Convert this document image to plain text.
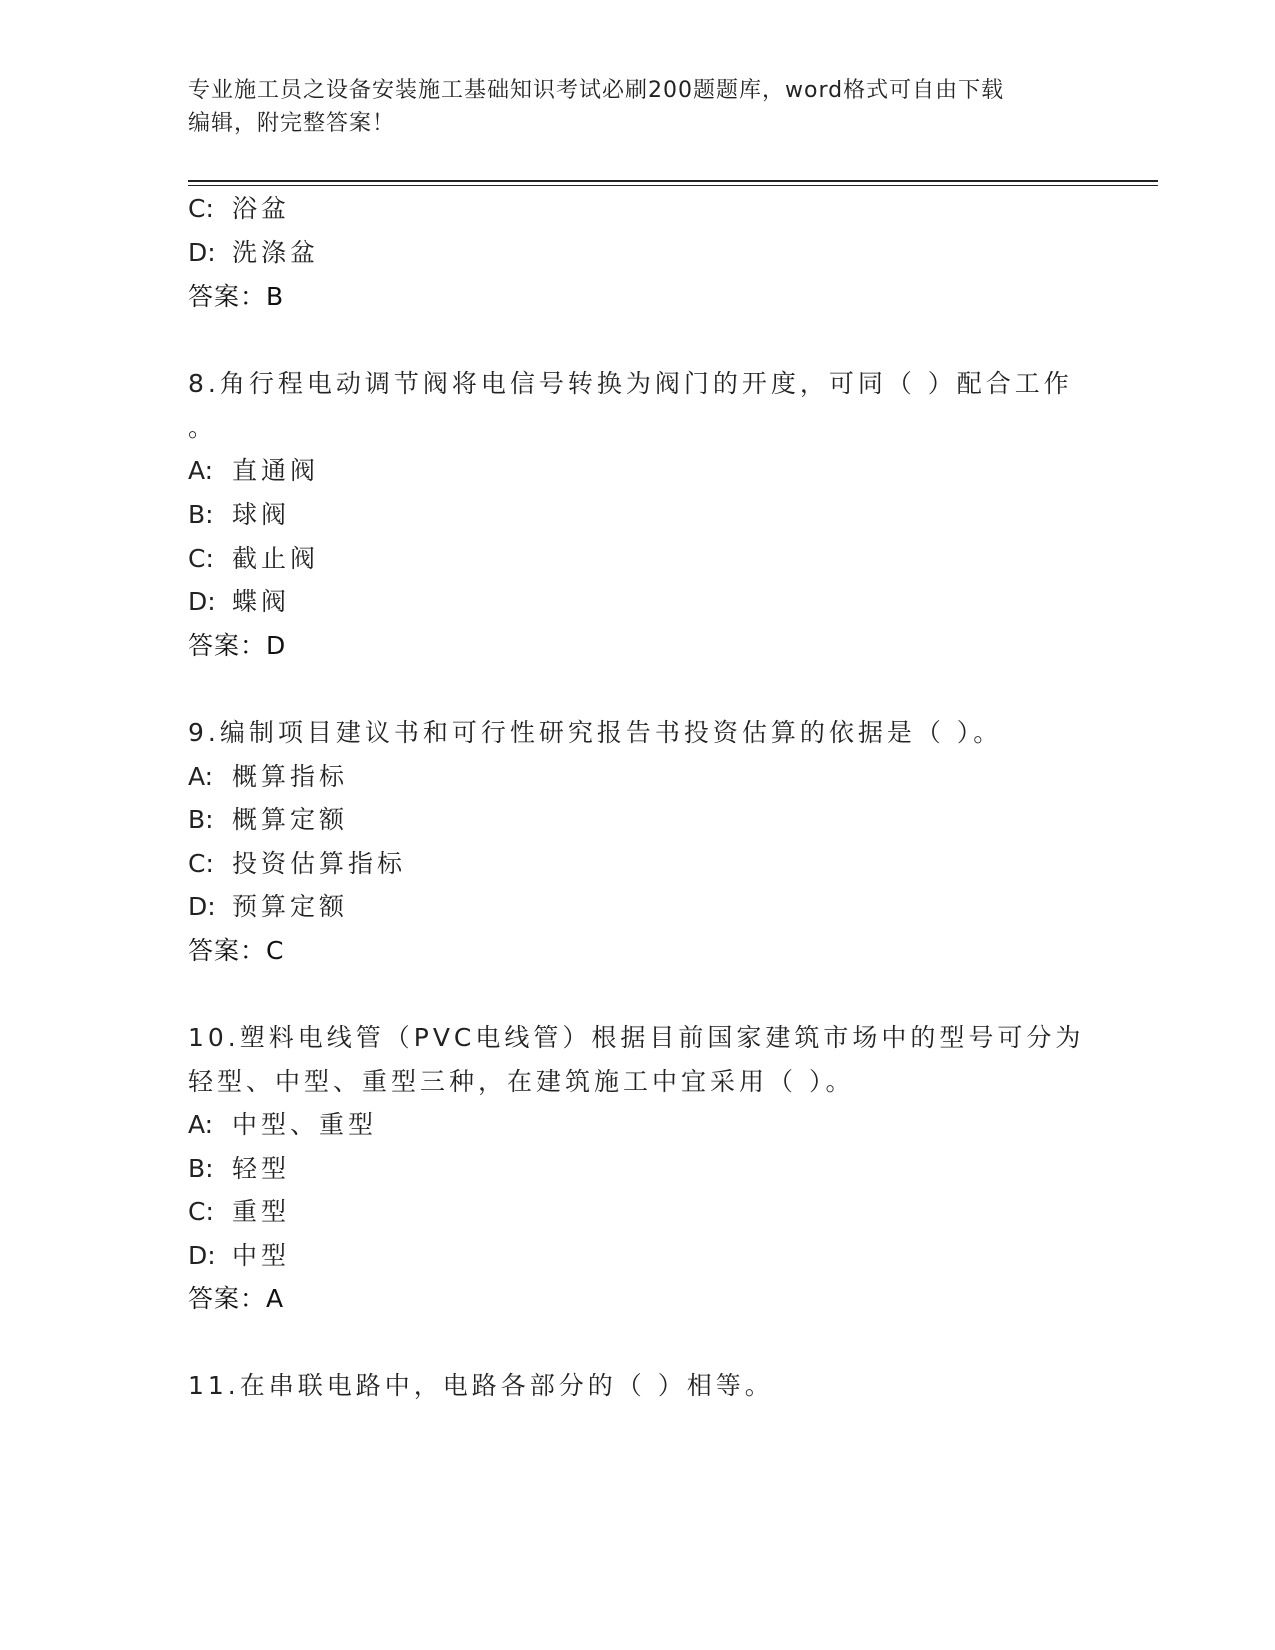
专业施工员之设备安装施工基础知识考试必刷200题题库，word格式可自由下载
编辑，附完整答案！
C: 浴盆
D: 洗涤盆
答案：B
8.角行程电动调节阀将电信号转换为阀门的开度，可同（ ）配合工作
。
A: 直通阀
B: 球阀
C: 截止阀
D: 蝶阀
答案：D
9.编制项目建议书和可行性研究报告书投资估算的依据是（ ）。
A: 概算指标
B: 概算定额
C: 投资估算指标
D: 预算定额
答案：C
10.塑料电线管（PVC电线管）根据目前国家建筑市场中的型号可分为
轻型、中型、重型三种，在建筑施工中宜采用（ ）。
A: 中型、重型
B: 轻型
C: 重型
D: 中型
答案：A
11.在串联电路中，电路各部分的（ ）相等。
